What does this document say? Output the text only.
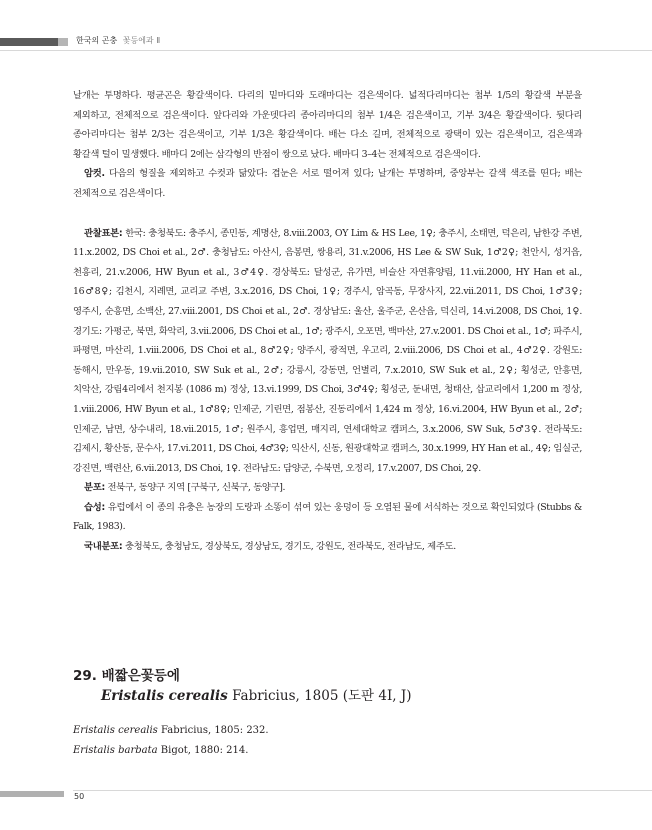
한국의 곤충 꽃등에과 Ⅱ

날개는 투명하다. 평균곤은 황갈색이다. 다리의 밑마디와 도래마디는 검은색이다. 넓적다리마디는 첨부 1/5의 황갈색 부분을 제외하고, 전체적으로 검은색이다. 앞다리와 가운뎃다리 종아리마디의 첨부 1/4은 검은색이고, 기부 3/4은 황갈색이다. 뒷다리 종아리마디는 첨부 2/3는 검은색이고, 기부 1/3은 황갈색이다. 배는 다소 길며, 전체적으로 광택이 있는 검은색이고, 검은색과 황갈색 털이 밀생했다. 배마디 2에는 삼각형의 반점이 쌍으로 났다. 배마디 3–4는 전체적으로 검은색이다.

암컷. 다음의 형질을 제외하고 수컷과 닮았다: 겹눈은 서로 떨어져 있다; 날개는 투명하며, 중앙부는 갈색 색조를 띤다; 배는 전체적으로 검은색이다.

관찰표본: 한국: 충청북도: 충주시, 종민동, 계명산, 8.viii.2003, OY Lim & HS Lee, 1♀; 충주시, 소태면, 덕은리, 남한강 주변, 11.x.2002, DS Choi et al., 2♂. 충청남도: 아산시, 음봉면, 쌍용리, 31.v.2006, HS Lee & SW Suk, 1♂2♀; 천안시, 성거읍, 천흥리, 21.v.2006, HW Byun et al., 3♂4♀. 경상북도: 달성군, 유가면, 비슬산 자연휴양림, 11.vii.2000, HY Han et al., 16♂8♀; 김천시, 지례면, 교리교 주변, 3.x.2016, DS Choi, 1♀; 경주시, 암곡동, 무장사지, 22.vii.2011, DS Choi, 1♂3♀; 영주시, 순흥면, 소백산, 27.viii.2001, DS Choi et al., 2♂. 경상남도: 울산, 울주군, 온산읍, 덕신리, 14.vi.2008, DS Choi, 1♀. 경기도: 가평군, 북면, 화악리, 3.vii.2006, DS Choi et al., 1♂; 광주시, 오포면, 백마산, 27.v.2001. DS Choi et al., 1♂; 파주시, 파평면, 마산리, 1.viii.2006, DS Choi et al., 8♂2♀; 양주시, 광적면, 우고리, 2.viii.2006, DS Choi et al., 4♂2♀. 강원도: 동해시, 만우동, 19.vii.2010, SW Suk et al., 2♂; 강릉시, 강동면, 언별리, 7.x.2010, SW Suk et al., 2♀; 횡성군, 안흥면, 치악산, 강림4리에서 천지봉 (1086 m) 정상, 13.vi.1999, DS Choi, 3♂4♀; 횡성군, 둔내면, 청태산, 삽교리에서 1,200 m 정상, 1.viii.2006, HW Byun et al., 1♂8♀; 인제군, 기린면, 점봉산, 진동리에서 1,424 m 정상, 16.vi.2004, HW Byun et al., 2♂; 인제군, 남면, 상수내리, 18.vii.2015, 1♂; 원주시, 흥업면, 매지리, 연세대학교 캠퍼스, 3.x.2006, SW Suk, 5♂3♀. 전라북도: 김제시, 황산동, 문수사, 17.vi.2011, DS Choi, 4♂3♀; 익산시, 신동, 원광대학교 캠퍼스, 30.x.1999, HY Han et al., 4♀; 임실군, 강진면, 백련산, 6.vii.2013, DS Choi, 1♀. 전라남도: 담양군, 수북면, 오정리, 17.v.2007, DS Choi, 2♀.

분포: 전북구, 동양구 지역 [구북구, 신북구, 동양구].

습성: 유럽에서 이 종의 유충은 농장의 도랑과 소똥이 섞여 있는 웅덩이 등 오염된 물에 서식하는 것으로 확인되었다 (Stubbs & Falk, 1983).

국내분포: 충청북도, 충청남도, 경상북도, 경상남도, 경기도, 강원도, 전라북도, 전라남도, 제주도.

29. 배짧은꽃등에
Eristalis cerealis Fabricius, 1805 (도판 4I, J)
Eristalis cerealis Fabricius, 1805: 232.
Eristalis barbata Bigot, 1880: 214.
50
